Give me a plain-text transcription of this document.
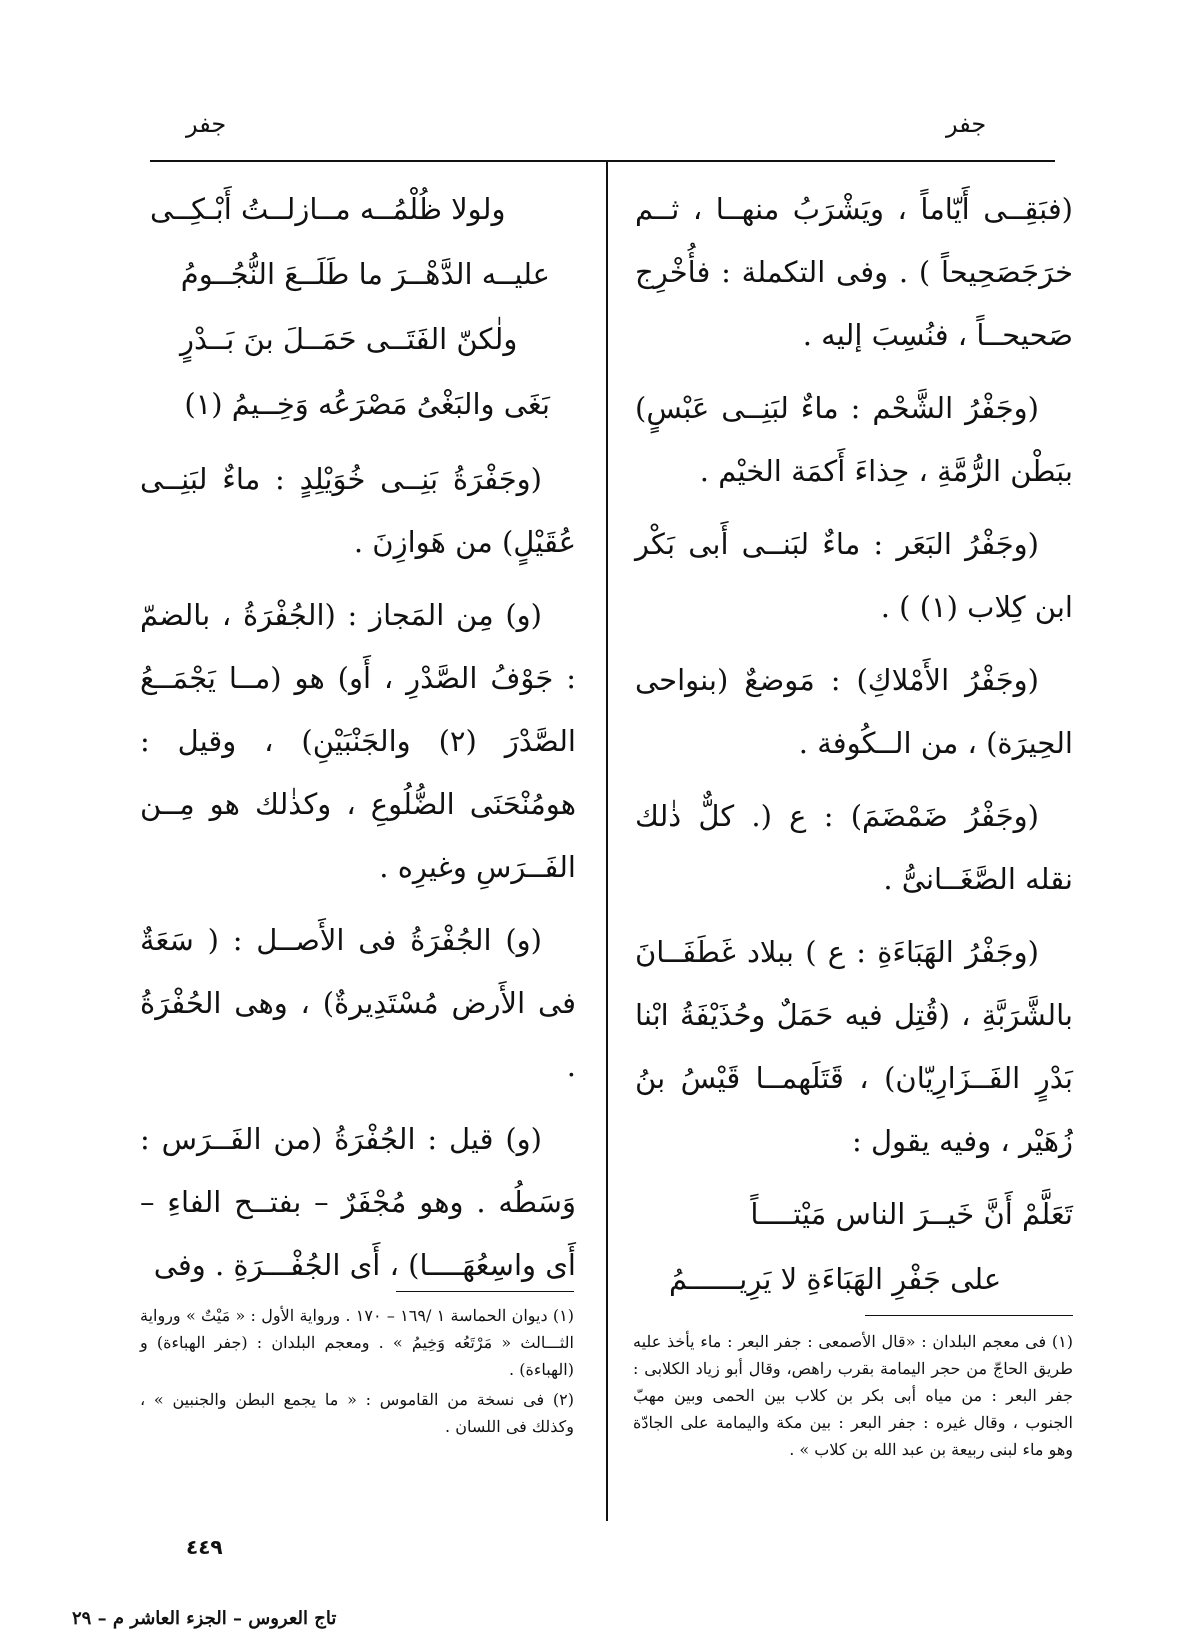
جفر	جفر

(فبَقِــى أَيّاماً ، ويَشْرَبُ منهــا ، ثــم خرَجَصَحِيحاً ) . وفى التكملة : فأُخْرِج صَحيحــاً ، فنُسِبَ إليه .

(وجَفْرُ الشَّحْم : ماءٌ لبَنِــى عَبْسٍ) ببَطْن الرُّمَّةِ ، حِذاءَ أَكمَة الخيْم .

(وجَفْرُ البَعَر : ماءٌ لبَنــى أَبى بَكْر ابن كِلاب (١) ) .

(وجَفْرُ الأَمْلاكِ) : مَوضعٌ (بنواحى الحِيرَة) ، من الــكُوفة .

(وجَفْرُ ضَمْضَمَ) : ع (. كلٌّ ذٰلك نقله الصَّغَــانىُّ .

(وجَفْرُ الهَبَاءَةِ : ع ) ببلاد غَطَفَــانَ بالشَّرَبَّةِ ، (قُتِل فيه حَمَلٌ وحُذَيْفَةُ ابْنا بَدْرٍ الفَــزَارِيّان) ، قَتَلَهمــا قَيْسُ بنُ زُهَيْر ، وفيه يقول :

تَعَلَّمْ أَنَّ خَيــرَ الناس مَيْتــــاً
على جَفْرِ الهَبَاءَةِ لا يَرِيــــــمُ
ولولا ظُلْمُــه مــازلــتُ أَبْـكِــى
عليــه الدَّهْــرَ ما طَلَــعَ النُّجُــومُ
ولٰكنّ الفَتَــى حَمَــلَ بنَ بَــدْرٍ
بَغَى والبَغْىُ مَصْرَعُه وَخِــيمُ (١)

(وجَفْرَةُ بَنِــى خُوَيْلِدٍ : ماءٌ لبَنِــى عُقَيْلٍ) من هَوازِنَ .

(و) مِن المَجاز : (الجُفْرَةُ ، بالضمّ : جَوْفُ الصَّدْرِ ، أَو) هو (مــا يَجْمَــعُ الصَّدْرَ (٢) والجَنْبَيْنِ) ، وقيل : هومُنْحَنَى الضُّلُوعِ ، وكذٰلك هو مِــن الفَــرَسِ وغيرِه .

(و) الجُفْرَةُ فى الأَصــل : ( سَعَةٌ فى الأَرض مُسْتَدِيرةٌ) ، وهى الحُفْرَةُ .

(و) قيل : الجُفْرَةُ (من الفَــرَس : وَسَطُه . وهو مُجْفَرٌ – بفتــح الفاءِ – أَى واسِعُهَــــا) ، أَى الجُفْـــرَةِ . وفى

(١) فى معجم البلدان : «قال الأصمعى : جفر البعر : ماء يأخذ عليه طريق الحاجّ من حجر اليمامة بقرب راهص، وقال أبو زياد الكلابى : جفر البعر : من مياه أبى بكر بن كلاب بين الحمى وبين مهبّ الجنوب ، وقال غيره : جفر البعر : بين مكة واليمامة على الجادّة وهو ماء لبنى ربيعة بن عبد الله بن كلاب » .

(١) ديوان الحماسة ١ /١٦٩ – ١٧٠ . ورواية الأول : « مَيْتٌ » ورواية الثـــالث « مَرْتَعُه وَخِيمُ » . ومعجم البلدان : (جفر الهباءة) و (الهباءة) .

(٢) فى نسخة من القاموس : « ما يجمع البطن والجنبين » ، وكذلك فى اللسان .

٤٤٩
تاج العروس – الجزء العاشر م – ٢٩
